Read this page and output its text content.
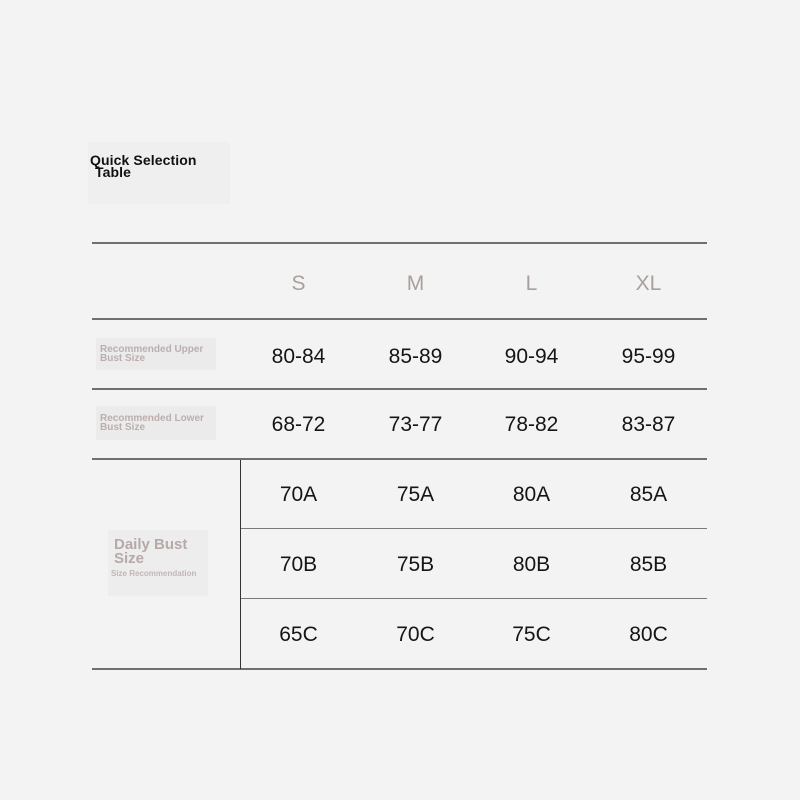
Quick Selection
Table
S	M	L	XL
Recommended Upper
Bust Size	80-84	85-89	90-94	95-99
Recommended Lower
Bust Size	68-72	73-77	78-82	83-87
Daily Bust Size
Size Recommendation
70A	75A	80A	85A
70B	75B	80B	85B
65C	70C	75C	80C
